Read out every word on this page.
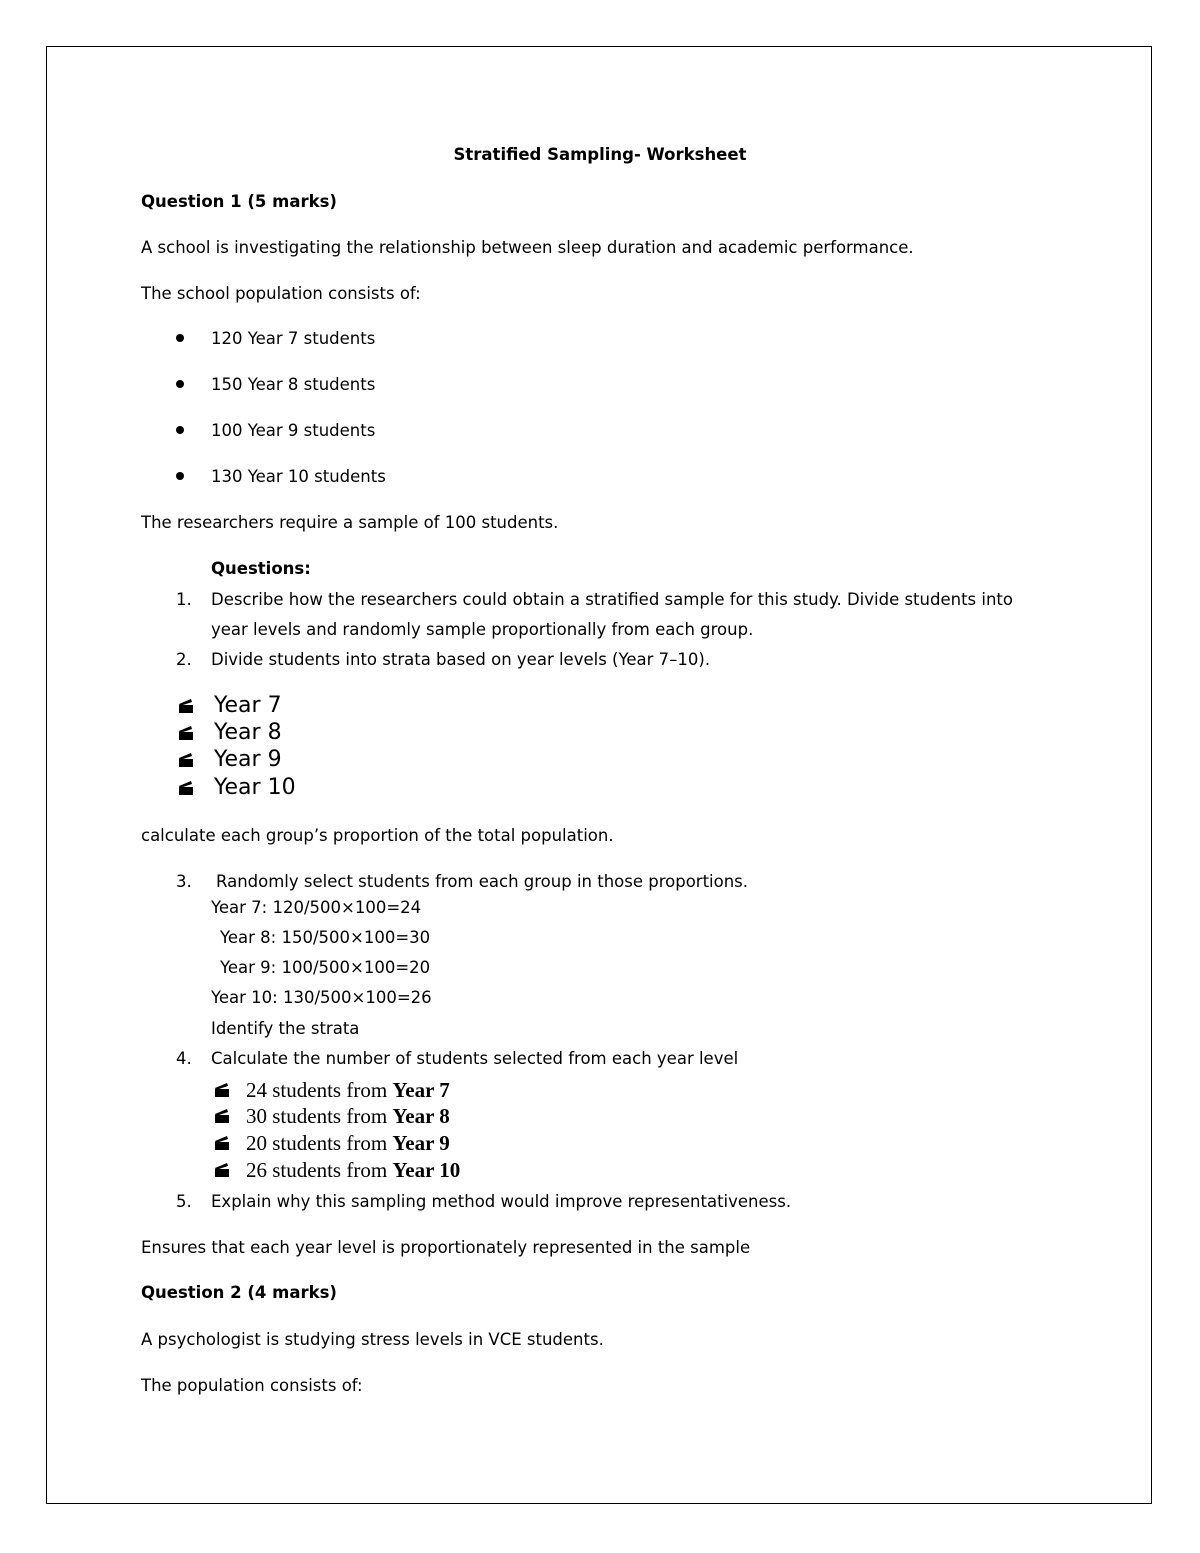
Stratified Sampling- Worksheet
Question 1 (5 marks)
A school is investigating the relationship between sleep duration and academic performance.
The school population consists of:
120 Year 7 students
150 Year 8 students
100 Year 9 students
130 Year 10 students
The researchers require a sample of 100 students.
Questions:
1. Describe how the researchers could obtain a stratified sample for this study. Divide students into
year levels and randomly sample proportionally from each group.
2. Divide students into strata based on year levels (Year 7–10).
Year 7
Year 8
Year 9
Year 10
calculate each group’s proportion of the total population.
3. Randomly select students from each group in those proportions.
Year 7: 120/500×100=24
Year 8: 150/500×100=30
Year 9: 100/500×100=20
Year 10: 130/500×100=26
Identify the strata
4. Calculate the number of students selected from each year level
24 students from Year 7
30 students from Year 8
20 students from Year 9
26 students from Year 10
5. Explain why this sampling method would improve representativeness.
Ensures that each year level is proportionately represented in the sample
Question 2 (4 marks)
A psychologist is studying stress levels in VCE students.
The population consists of:
